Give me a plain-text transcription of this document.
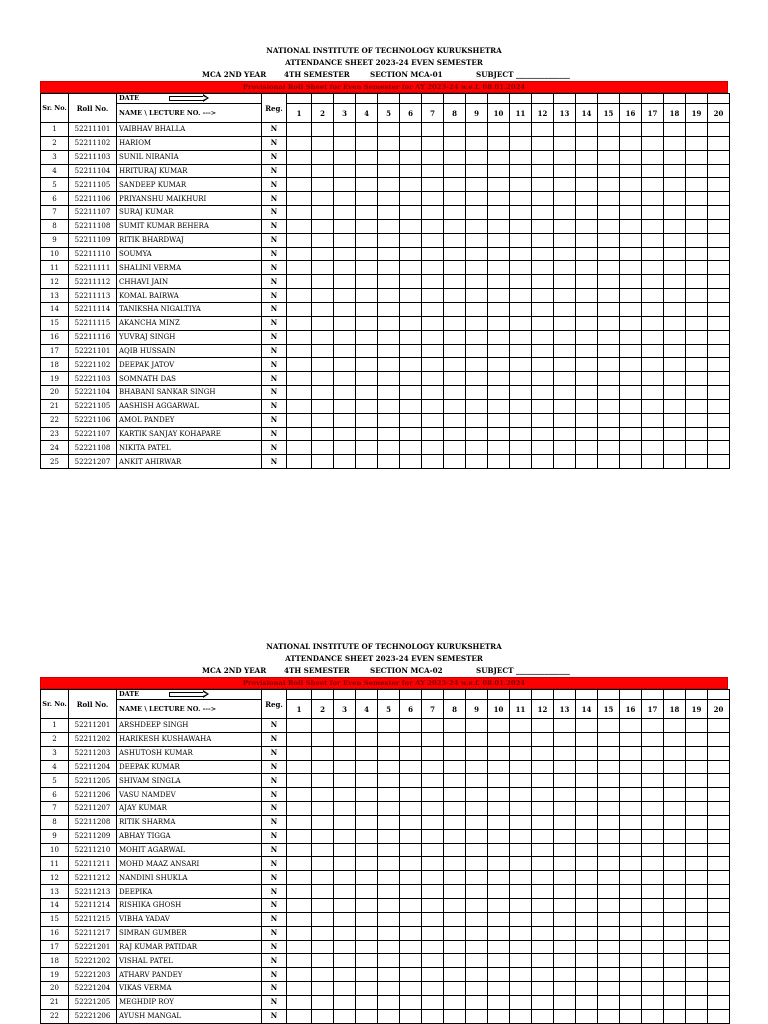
NATIONAL INSTITUTE OF TECHNOLOGY KURUKSHETRA
ATTENDANCE SHEET 2023-24 EVEN SEMESTER
MCA 2ND YEAR 4TH SEMESTER	SECTION MCA-01	SUBJECT _______________
Provisional Roll Sheet for Even Semester for AY 2023-24 w.e.f. 08.01.2024
Sr. No.	Roll No.	DATE	Reg.																				
		NAME \ LECTURE NO. --->		1	2	3	4	5	6	7	8	9	10	11	12	13	14	15	16	17	18	19	20
1	52211101	VAIBHAV BHALLA	N																				
2	52211102	HARIOM	N																				
3	52211103	SUNIL NIRANIA	N																				
4	52211104	HRITURAJ KUMAR	N																				
5	52211105	SANDEEP KUMAR	N																				
6	52211106	PRIYANSHU MAIKHURI	N																				
7	52211107	SURAJ KUMAR	N																				
8	52211108	SUMIT KUMAR BEHERA	N																				
9	52211109	RITIK BHARDWAJ	N																				
10	52211110	SOUMYA	N																				
11	52211111	SHALINI VERMA	N																				
12	52211112	CHHAVI JAIN	N																				
13	52211113	KOMAL BAIRWA	N																				
14	52211114	TANIKSHA NIGALTIYA	N																				
15	52211115	AKANCHA MINZ	N																				
16	52211116	YUVRAJ SINGH	N																				
17	52221101	AQIB HUSSAIN	N																				
18	52221102	DEEPAK JATOV	N																				
19	52221103	SOMNATH DAS	N																				
20	52221104	BHABANI SANKAR SINGH	N																				
21	52221105	AASHISH AGGARWAL	N																				
22	52221106	AMOL PANDEY	N																				
23	52221107	KARTIK SANJAY KOHAPARE	N																				
24	52221108	NIKITA PATEL	N																				
25	52221207	ANKIT AHIRWAR	N																				
NATIONAL INSTITUTE OF TECHNOLOGY KURUKSHETRA
ATTENDANCE SHEET 2023-24 EVEN SEMESTER
MCA 2ND YEAR 4TH SEMESTER	SECTION MCA-02	SUBJECT _______________
Provisional Roll Sheet for Even Semester for AY 2023-24 w.e.f. 08.01.2024
Sr. No.	Roll No.	DATE	Reg.																				
		NAME \ LECTURE NO. --->		1	2	3	4	5	6	7	8	9	10	11	12	13	14	15	16	17	18	19	20
1	52211201	ARSHDEEP SINGH	N																				
2	52211202	HARIKESH KUSHAWAHA	N																				
3	52211203	ASHUTOSH KUMAR	N																				
4	52211204	DEEPAK KUMAR	N																				
5	52211205	SHIVAM SINGLA	N																				
6	52211206	VASU NAMDEV	N																				
7	52211207	AJAY KUMAR	N																				
8	52211208	RITIK SHARMA	N																				
9	52211209	ABHAY TIGGA	N																				
10	52211210	MOHIT AGARWAL	N																				
11	52211211	MOHD MAAZ ANSARI	N																				
12	52211212	NANDINI SHUKLA	N																				
13	52211213	DEEPIKA	N																				
14	52211214	RISHIKA GHOSH	N																				
15	52211215	VIBHA YADAV	N																				
16	52211217	SIMRAN GUMBER	N																				
17	52221201	RAJ KUMAR PATIDAR	N																				
18	52221202	VISHAL PATEL	N																				
19	52221203	ATHARV PANDEY	N																				
20	52221204	VIKAS VERMA	N																				
21	52221205	MEGHDIP ROY	N																				
22	52221206	AYUSH MANGAL	N																				
